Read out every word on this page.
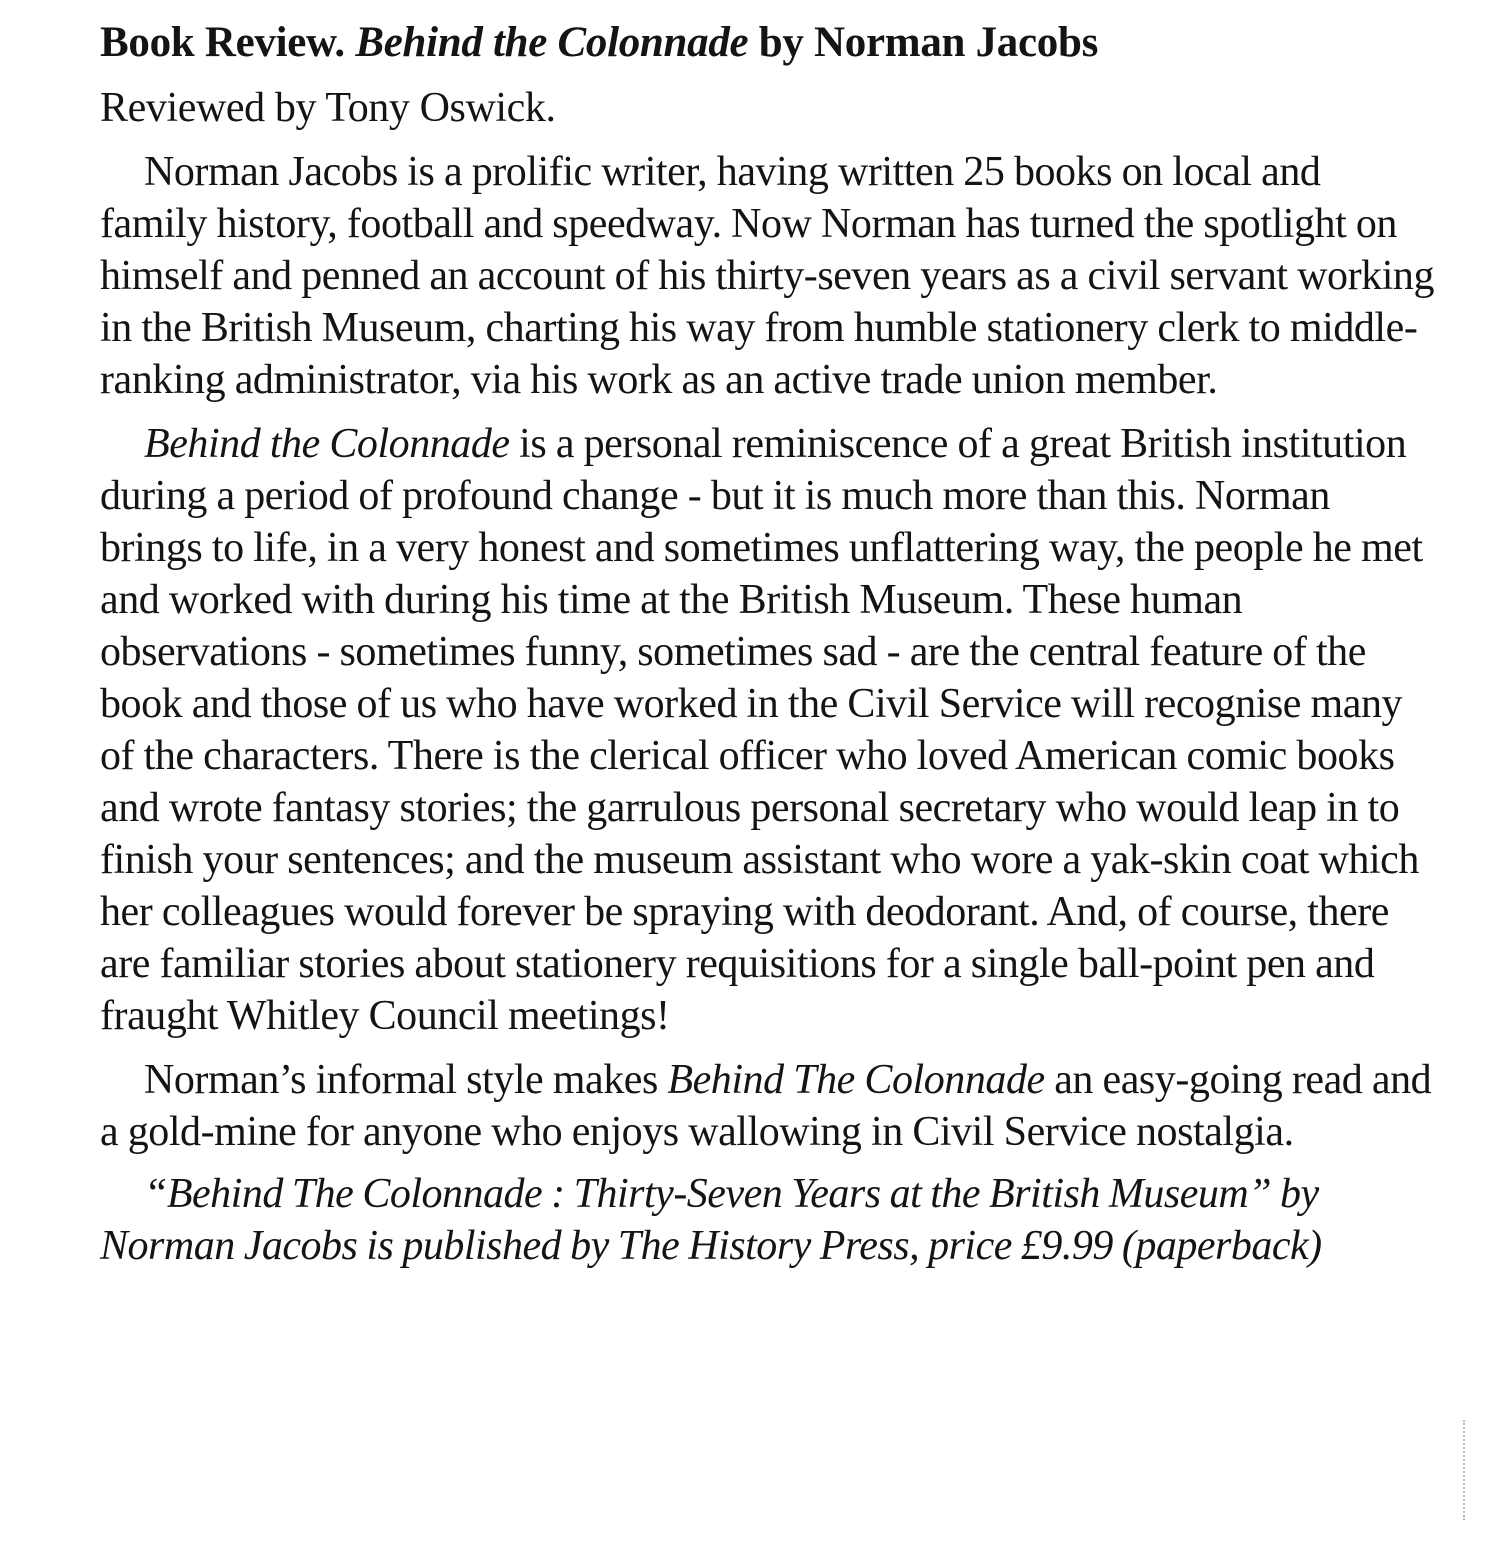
Book Review. Behind the Colonnade by Norman Jacobs

Reviewed by Tony Oswick.

Norman Jacobs is a prolific writer, having written 25 books on local and family history, football and speedway. Now Norman has turned the spotlight on himself and penned an account of his thirty-seven years as a civil servant working in the British Museum, charting his way from humble stationery clerk to middle-ranking administrator, via his work as an active trade union member.

Behind the Colonnade is a personal reminiscence of a great British institution during a period of profound change - but it is much more than this. Norman brings to life, in a very honest and sometimes unflattering way, the people he met and worked with during his time at the British Museum. These human observations - sometimes funny, sometimes sad - are the central feature of the book and those of us who have worked in the Civil Service will recognise many of the characters. There is the clerical officer who loved American comic books and wrote fantasy stories; the garrulous personal secretary who would leap in to finish your sentences; and the museum assistant who wore a yak-skin coat which her colleagues would forever be spraying with deodorant. And, of course, there are familiar stories about stationery requisitions for a single ball-point pen and fraught Whitley Council meetings!

Norman’s informal style makes Behind The Colonnade an easy-going read and a gold-mine for anyone who enjoys wallowing in Civil Service nostalgia.

“Behind The Colonnade : Thirty-Seven Years at the British Museum” by Norman Jacobs is published by The History Press, price £9.99 (paperback)
